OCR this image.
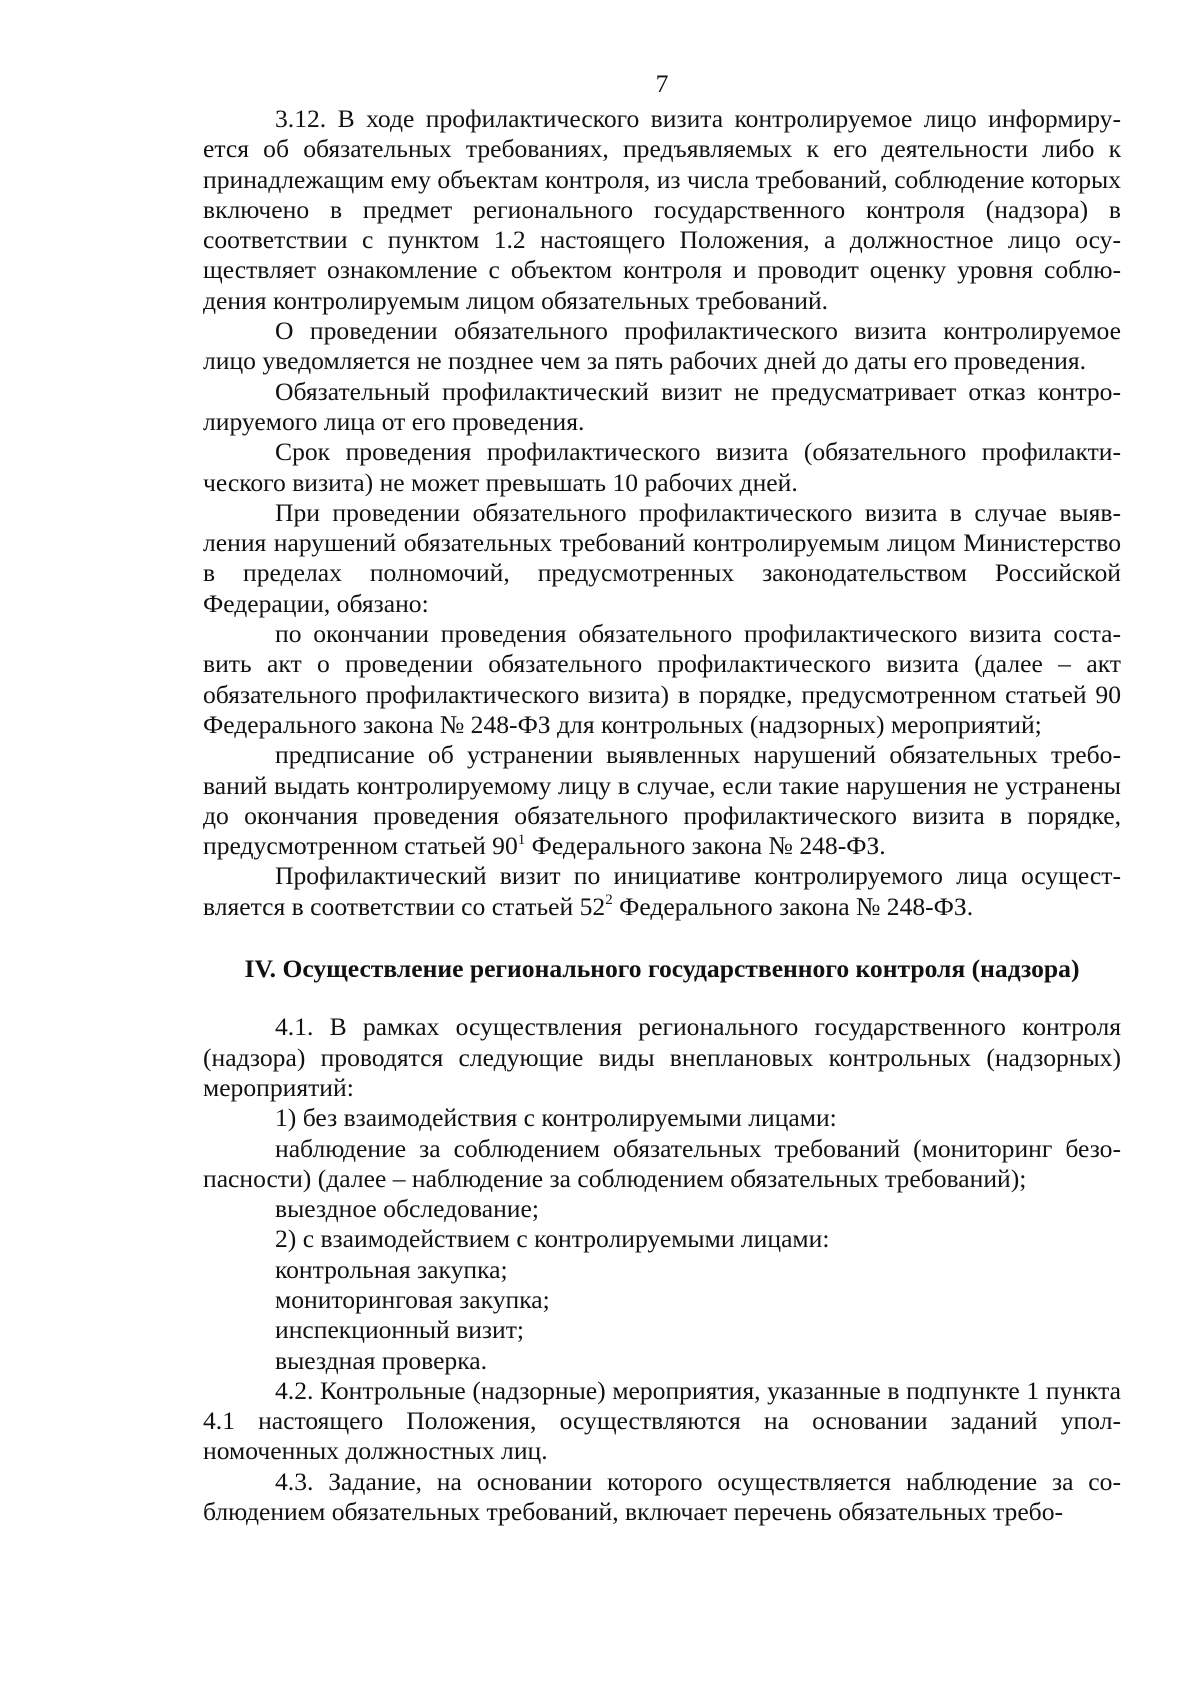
7

3.12. В ходе профилактического визита контролируемое лицо информируется об обязательных требованиях, предъявляемых к его деятельности либо к принадлежащим ему объектам контроля, из числа требований, соблюдение которых включено в предмет регионального государственного контроля (надзора) в соответствии с пунктом 1.2 настоящего Положения, а должностное лицо осуществляет ознакомление с объектом контроля и проводит оценку уровня соблюдения контролируемым лицом обязательных требований.

О проведении обязательного профилактического визита контролируемое лицо уведомляется не позднее чем за пять рабочих дней до даты его проведения.

Обязательный профилактический визит не предусматривает отказ контролируемого лица от его проведения.

Срок проведения профилактического визита (обязательного профилактического визита) не может превышать 10 рабочих дней.

При проведении обязательного профилактического визита в случае выявления нарушений обязательных требований контролируемым лицом Министерство в пределах полномочий, предусмотренных законодательством Российской Федерации, обязано:

по окончании проведения обязательного профилактического визита составить акт о проведении обязательного профилактического визита (далее – акт обязательного профилактического визита) в порядке, предусмотренном статьей 90 Федерального закона № 248-ФЗ для контрольных (надзорных) мероприятий;

предписание об устранении выявленных нарушений обязательных требований выдать контролируемому лицу в случае, если такие нарушения не устранены до окончания проведения обязательного профилактического визита в порядке, предусмотренном статьей $90^1$ Федерального закона № 248-ФЗ.

Профилактический визит по инициативе контролируемого лица осуществляется в соответствии со статьей $52^2$ Федерального закона № 248-ФЗ.

IV. Осуществление регионального государственного контроля (надзора)

4.1. В рамках осуществления регионального государственного контроля (надзора) проводятся следующие виды внеплановых контрольных (надзорных) мероприятий:

1) без взаимодействия с контролируемыми лицами:

наблюдение за соблюдением обязательных требований (мониторинг безопасности) (далее – наблюдение за соблюдением обязательных требований);

выездное обследование;

2) с взаимодействием с контролируемыми лицами:

контрольная закупка;

мониторинговая закупка;

инспекционный визит;

выездная проверка.

4.2. Контрольные (надзорные) мероприятия, указанные в подпункте 1 пункта 4.1 настоящего Положения, осуществляются на основании заданий уполномоченных должностных лиц.

4.3. Задание, на основании которого осуществляется наблюдение за соблюдением обязательных требований, включает перечень обязательных требо-
